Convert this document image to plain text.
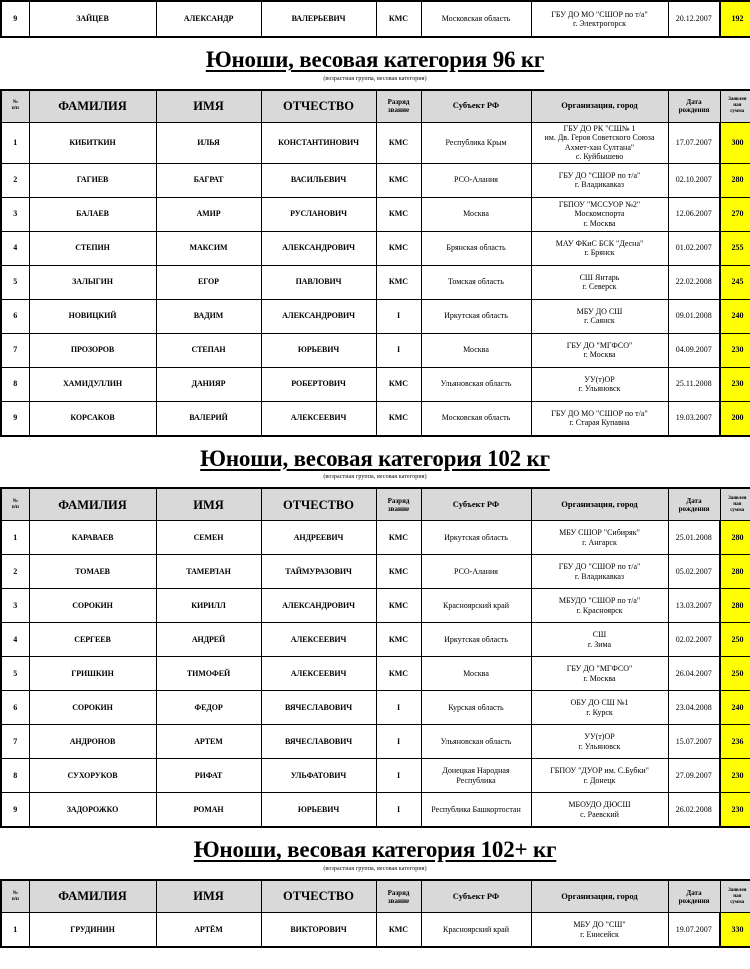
9	ЗАЙЦЕВ	АЛЕКСАНДР	ВАЛЕРЬЕВИЧ	КМС	Московская область	ГБУ ДО МО "СШОР по т/а"
г. Электрогорск	20.12.2007	192
Юноши, весовая категория 96 кг
(возрастная группа, весовая категория)
№
п/п	ФАМИЛИЯ	ИМЯ	ОТЧЕСТВО	Разряд
звание	Субъект РФ	Организация, город	Дата
рождения	Заявлен
ная
сумма
1	КИБИТКИН	ИЛЬЯ	КОНСТАНТИНОВИЧ	КМС	Республика Крым	ГБУ ДО РК "СШ№ 1
им. Дв. Героя Советского Союза
Ахмет-хан Султана"
с. Куйбышево	17.07.2007	300
2	ГАГИЕВ	БАГРАТ	ВАСИЛЬЕВИЧ	КМС	РСО-Алания	ГБУ ДО "СШОР по т/а"
г. Владикавказ	02.10.2007	280
3	БАЛАЕВ	АМИР	РУСЛАНОВИЧ	КМС	Москва	ГБПОУ "МССУОР №2" Москомспорта
г. Москва	12.06.2007	270
4	СТЕПИН	МАКСИМ	АЛЕКСАНДРОВИЧ	КМС	Брянская область	МАУ ФКиС БСК "Десна"
г. Брянск	01.02.2007	255
5	ЗАЛЫГИН	ЕГОР	ПАВЛОВИЧ	КМС	Томская область	СШ Янтарь
г. Северск	22.02.2008	245
6	НОВИЦКИЙ	ВАДИМ	АЛЕКСАНДРОВИЧ	I	Иркутская область	МБУ ДО СШ
г. Саянск	09.01.2008	240
7	ПРОЗОРОВ	СТЕПАН	ЮРЬЕВИЧ	I	Москва	ГБУ ДО "МГФСО"
г. Москва	04.09.2007	230
8	ХАМИДУЛЛИН	ДАНИЯР	РОБЕРТОВИЧ	КМС	Ульяновская область	УУ(т)ОР
г. Ульяновск	25.11.2008	230
9	КОРСАКОВ	ВАЛЕРИЙ	АЛЕКСЕЕВИЧ	КМС	Московская область	ГБУ ДО МО "СШОР по т/а"
г. Старая Купавна	19.03.2007	200
Юноши, весовая категория 102 кг
(возрастная группа, весовая категория)
№
п/п	ФАМИЛИЯ	ИМЯ	ОТЧЕСТВО	Разряд
звание	Субъект РФ	Организация, город	Дата
рождения	Заявлен
ная
сумма
1	КАРАВАЕВ	СЕМЕН	АНДРЕЕВИЧ	КМС	Иркутская область	МБУ СШОР "Сибиряк"
г. Ангарск	25.01.2008	280
2	ТОМАЕВ	ТАМЕРЛАН	ТАЙМУРАЗОВИЧ	КМС	РСО-Алания	ГБУ ДО "СШОР по т/а"
г. Владикавказ	05.02.2007	280
3	СОРОКИН	КИРИЛЛ	АЛЕКСАНДРОВИЧ	КМС	Красноярский край	МБУДО "СШОР по т/а"
г. Красноярск	13.03.2007	280
4	СЕРГЕЕВ	АНДРЕЙ	АЛЕКСЕЕВИЧ	КМС	Иркутская область	СШ
г. Зима	02.02.2007	250
5	ГРИШКИН	ТИМОФЕЙ	АЛЕКСЕЕВИЧ	КМС	Москва	ГБУ ДО "МГФСО"
г. Москва	26.04.2007	250
6	СОРОКИН	ФЕДОР	ВЯЧЕСЛАВОВИЧ	I	Курская область	ОБУ ДО СШ №1
г. Курск	23.04.2008	240
7	АНДРОНОВ	АРТЕМ	ВЯЧЕСЛАВОВИЧ	I	Ульяновская область	УУ(т)ОР
г. Ульяновск	15.07.2007	236
8	СУХОРУКОВ	РИФАТ	УЛЬФАТОВИЧ	I	Донецкая Народная Республика	ГБПОУ "ДУОР им. С.Бубки"
г. Донецк	27.09.2007	230
9	ЗАДОРОЖКО	РОМАН	ЮРЬЕВИЧ	I	Республика Башкортостан	МБОУДО ДЮСШ
с. Раевский	26.02.2008	230
Юноши, весовая категория 102+ кг
(возрастная группа, весовая категория)
№
п/п	ФАМИЛИЯ	ИМЯ	ОТЧЕСТВО	Разряд
звание	Субъект РФ	Организация, город	Дата
рождения	Заявлен
ная
сумма
1	ГРУДИНИН	АРТЁМ	ВИКТОРОВИЧ	КМС	Красноярский край	МБУ ДО "СШ"
г. Енисейск	19.07.2007	330
